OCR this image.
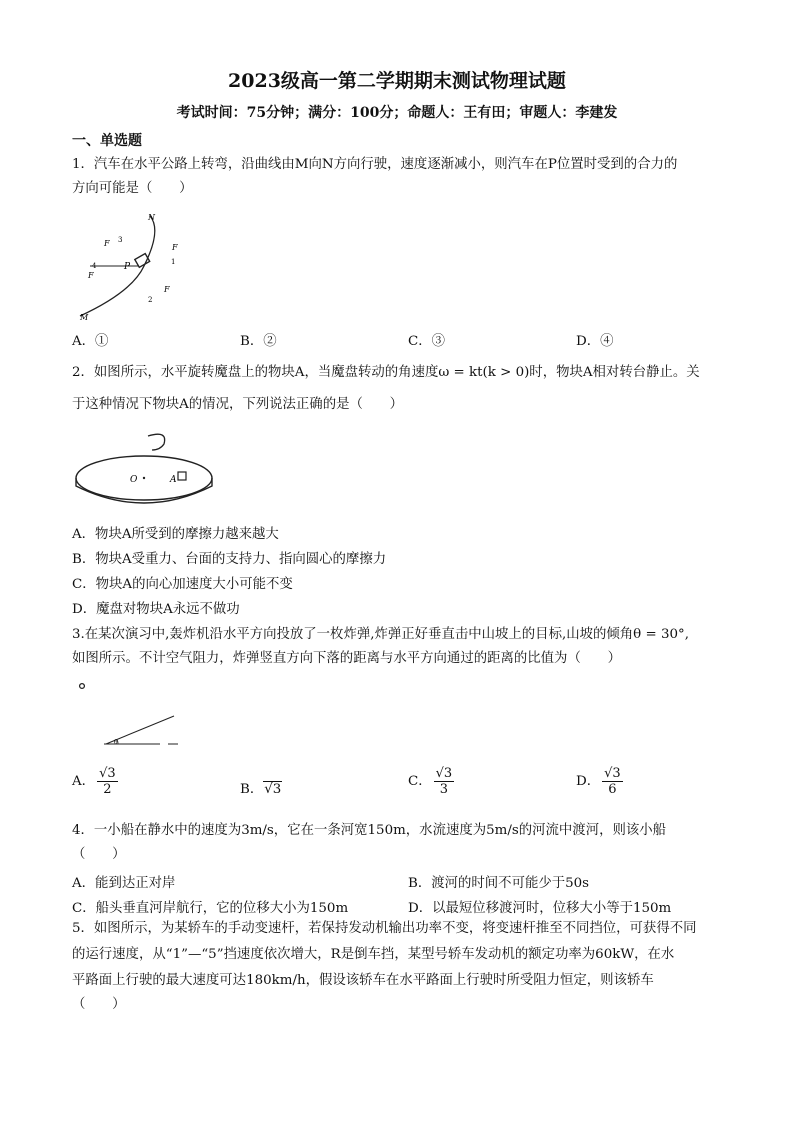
2023级高一第二学期期末测试物理试题
考试时间：75分钟；满分：100分；命题人：王有田；审题人：李建发
一、单选题
1．汽车在水平公路上转弯，沿曲线由M向N方向行驶，速度逐渐减小，则汽车在P位置时受到的合力的
方向可能是（　　）
P
N
M
F	F
F
F
1
2
3
4
A．①	B．②	C．③	D．④
2．如图所示，水平旋转魔盘上的物块A，当魔盘转动的角速度ω = kt(k > 0)时，物块A相对转台静止。关
于这种情况下物块A的情况，下列说法正确的是（　　）
O	A
A．物块A所受到的摩擦力越来越大
B．物块A受重力、台面的支持力、指向圆心的摩擦力
C．物块A的向心加速度大小可能不变
D．魔盘对物块A永远不做功
3.在某次演习中,轰炸机沿水平方向投放了一枚炸弹,炸弹正好垂直击中山坡上的目标,山坡的倾角θ = 30°,
如图所示。不计空气阻力，炸弹竖直方向下落的距离与水平方向通过的距离的比值为（　　）
θ
A． $\frac{√3}{2}$	B．√3
C． $\frac{√3}{3}$	D． $\frac{√3}{6}$
4．一小船在静水中的速度为3m/s，它在一条河宽150m，水流速度为5m/s的河流中渡河，则该小船
（　　）
A．能到达正对岸	B．渡河的时间不可能少于50s
C．船头垂直河岸航行，它的位移大小为150m	D．以最短位移渡河时，位移大小等于150m
5．如图所示，为某轿车的手动变速杆，若保持发动机输出功率不变，将变速杆推至不同挡位，可获得不同
的运行速度，从“1”—“5”挡速度依次增大，R是倒车挡，某型号轿车发动机的额定功率为60kW，在水
平路面上行驶的最大速度可达180km/h，假设该轿车在水平路面上行驶时所受阻力恒定，则该轿车
（　　）
